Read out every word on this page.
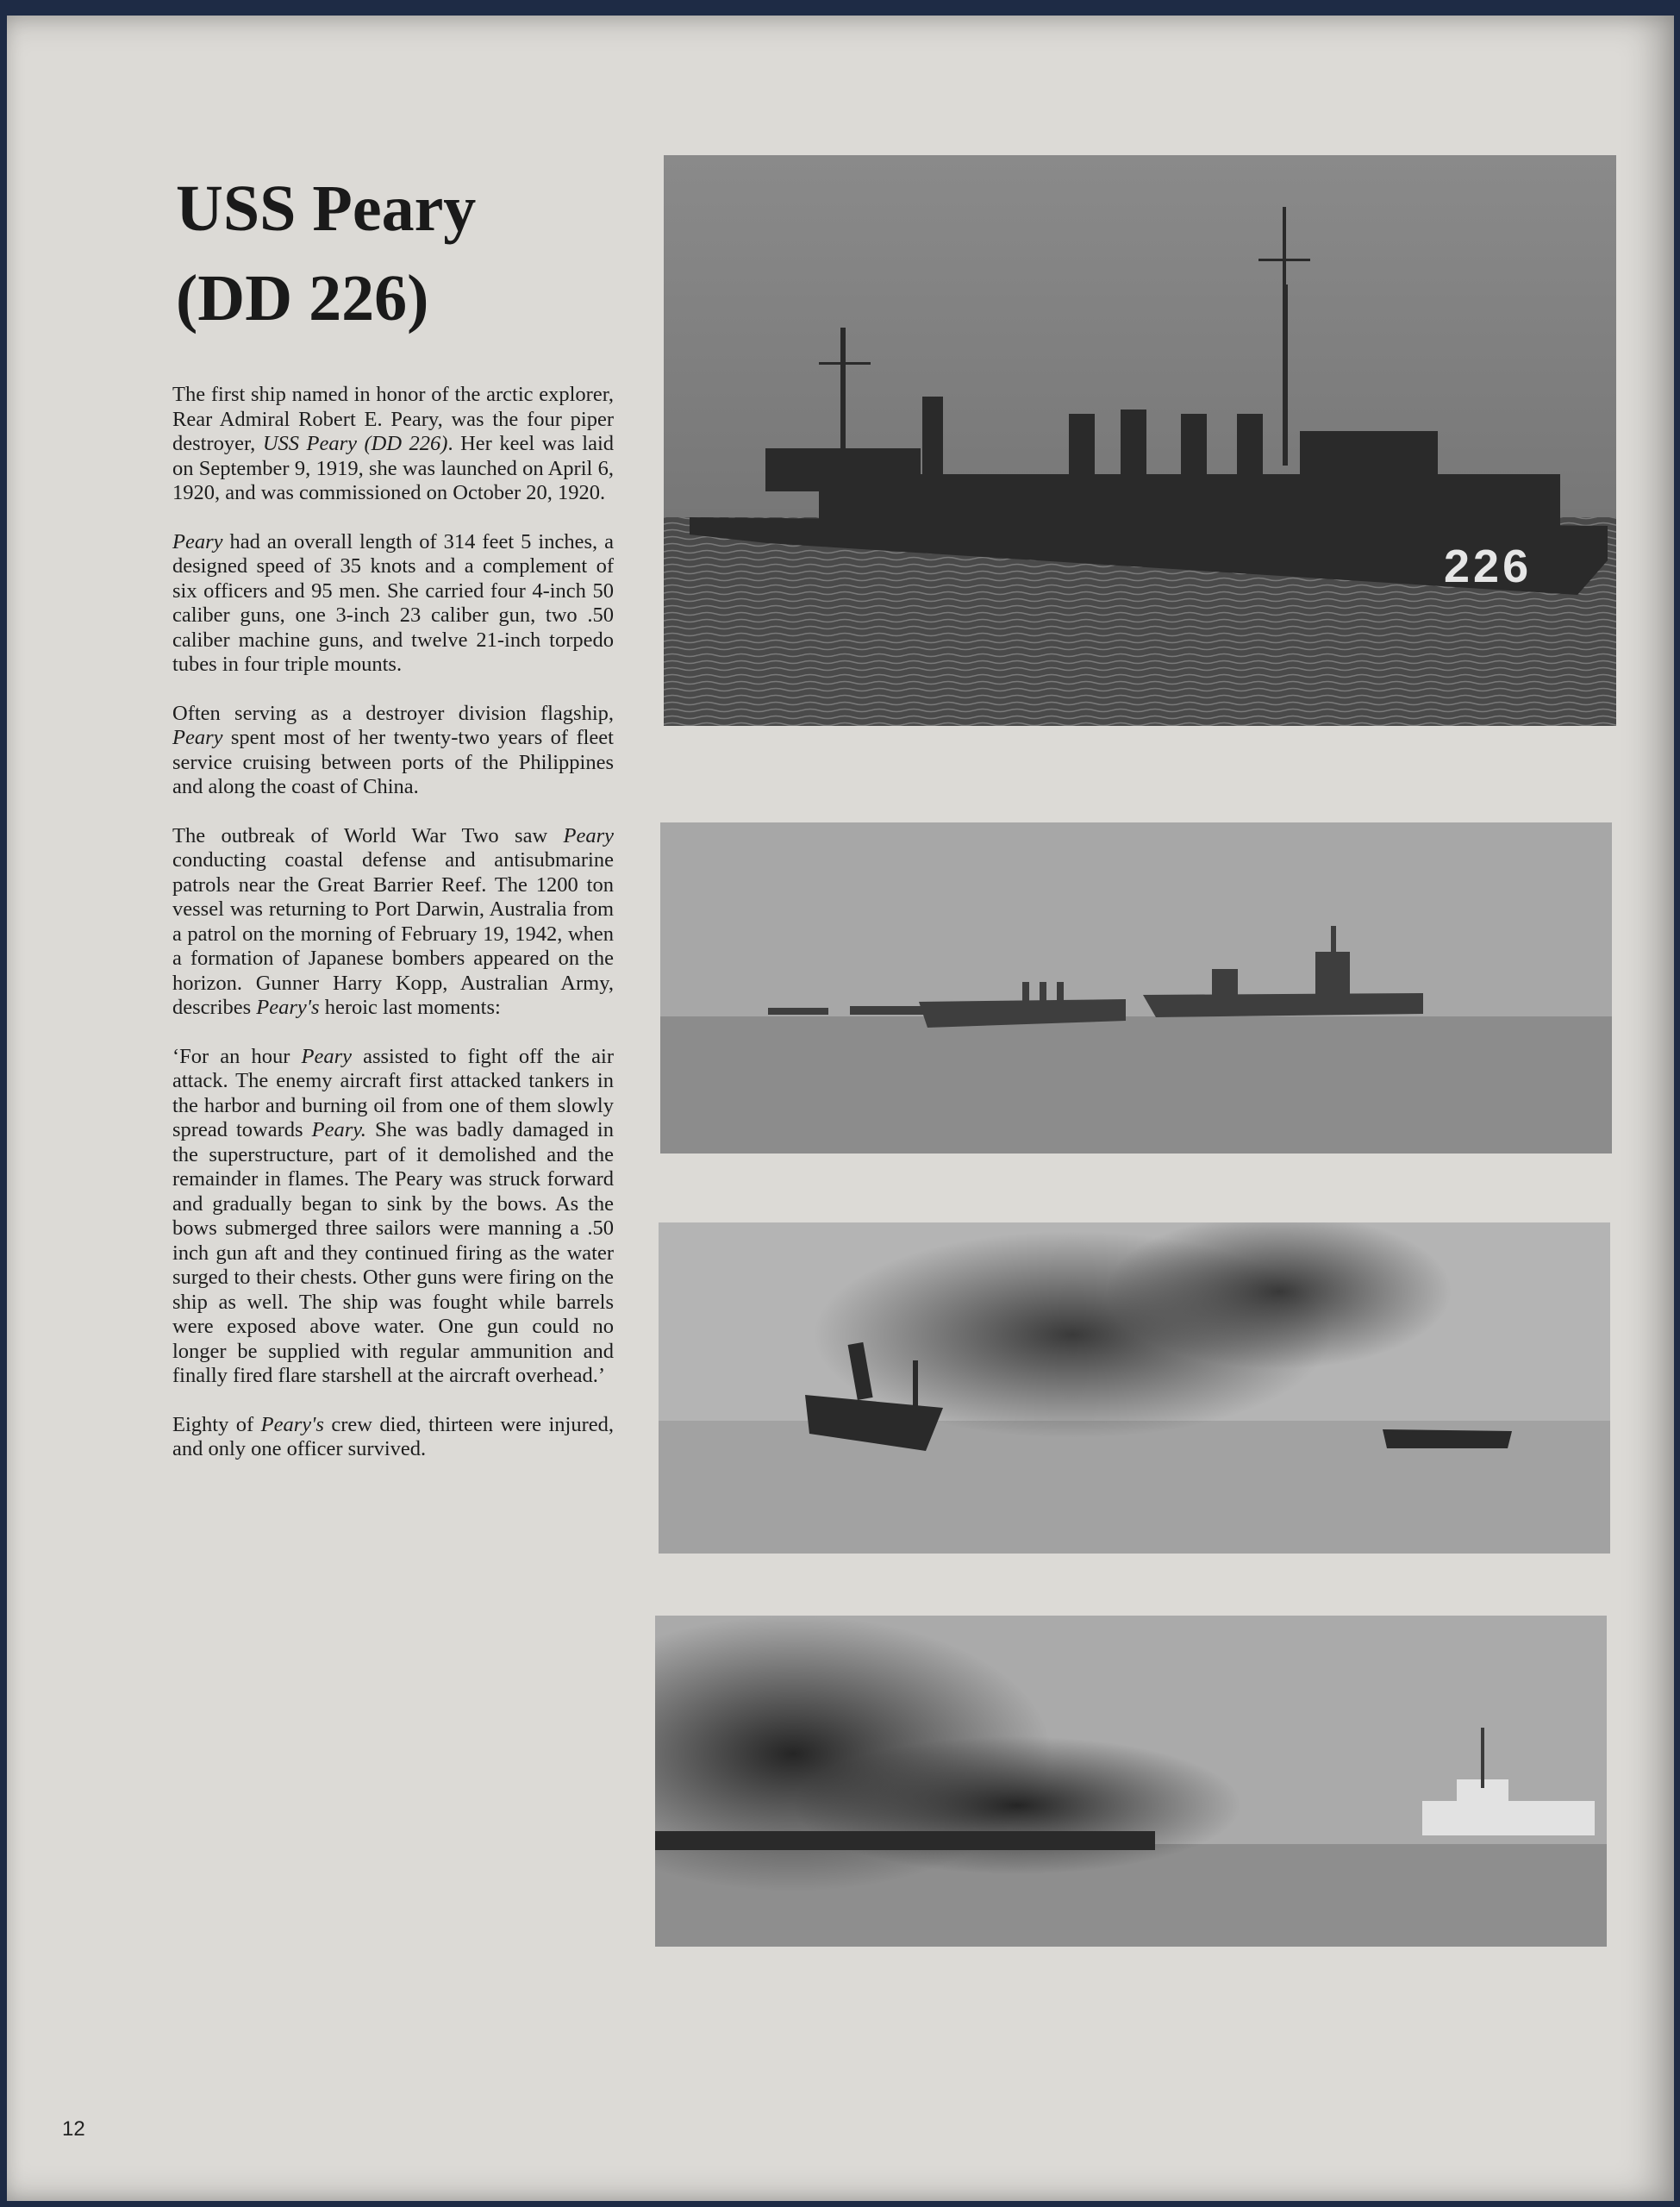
USS Peary
(DD 226)

The first ship named in honor of the arctic explorer, Rear Admiral Robert E. Peary, was the four piper destroyer, USS Peary (DD 226). Her keel was laid on September 9, 1919, she was launched on April 6, 1920, and was commissioned on October 20, 1920.

Peary had an overall length of 314 feet 5 inches, a designed speed of 35 knots and a complement of six officers and 95 men. She carried four 4-inch 50 caliber guns, one 3-inch 23 caliber gun, two .50 caliber machine guns, and twelve 21-inch torpedo tubes in four triple mounts.

Often serving as a destroyer division flagship, Peary spent most of her twenty-two years of fleet service cruising between ports of the Philippines and along the coast of China.

The outbreak of World War Two saw Peary conducting coastal defense and antisubmarine patrols near the Great Barrier Reef. The 1200 ton vessel was returning to Port Darwin, Australia from a patrol on the morning of February 19, 1942, when a formation of Japanese bombers appeared on the horizon. Gunner Harry Kopp, Australian Army, describes Peary's heroic last moments:

‘For an hour Peary assisted to fight off the air attack. The enemy aircraft first attacked tankers in the harbor and burning oil from one of them slowly spread towards Peary. She was badly damaged in the superstructure, part of it demolished and the remainder in flames. The Peary was struck forward and gradually began to sink by the bows. As the bows submerged three sailors were manning a .50 inch gun aft and they continued firing as the water surged to their chests. Other guns were firing on the ship as well. The ship was fought while barrels were exposed above water. One gun could no longer be supplied with regular ammunition and finally fired flare starshell at the aircraft overhead.’

Eighty of Peary's crew died, thirteen were injured, and only one officer survived.

226
12
